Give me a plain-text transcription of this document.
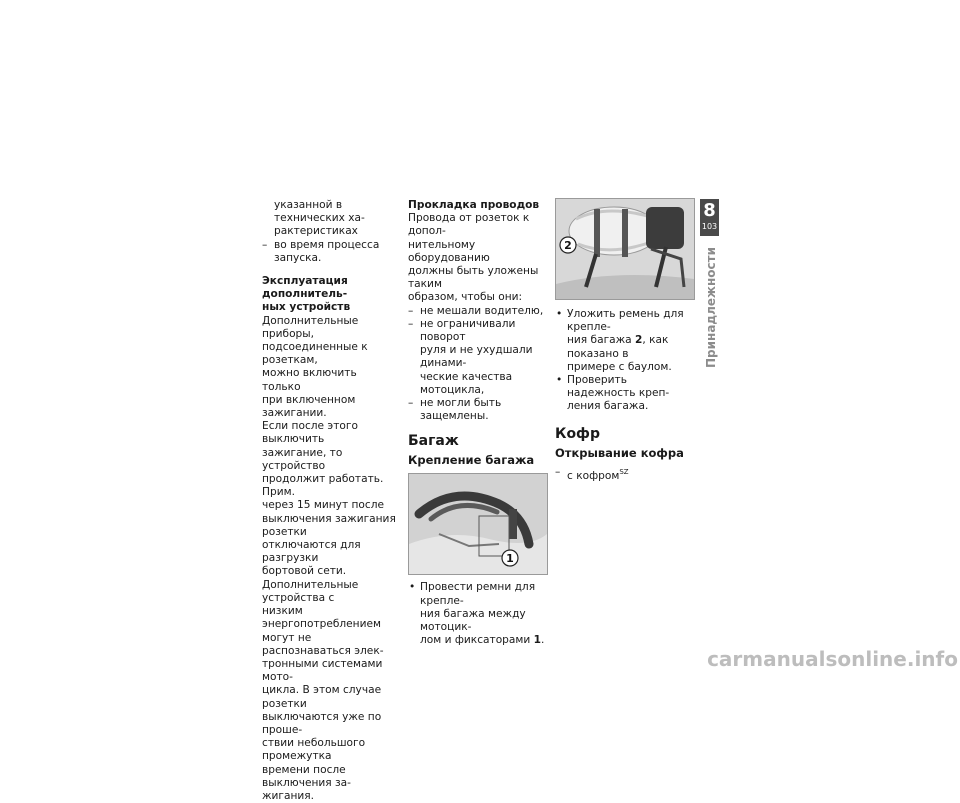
указанной в технических ха-

рактеристиках

– во время процесса запуска.

Эксплуатация дополнитель-

ных устройств

Дополнительные приборы,

подсоединенные к розеткам,

можно включить только

при включенном зажигании.

Если после этого выключить

зажигание, то устройство

продолжит работать. Прим.

через 15 минут после

выключения зажигания розетки

отключаются для разгрузки

бортовой сети.

Дополнительные устройства с

низким энергопотреблением

могут не распознаваться элек-

тронными системами мото-

цикла. В этом случае розетки

выключаются уже по проше-

ствии небольшого промежутка

времени после выключения за-

жигания.

Прокладка проводов

Провода от розеток к допол-

нительному оборудованию

должны быть уложены таким

образом, чтобы они:

– не мешали водителю,

– не ограничивали поворот

руля и не ухудшали динами-

ческие качества мотоцикла,

– не могли быть защемлены.

Багаж

Крепление багажа

1

• Провести ремни для крепле-

ния багажа между мотоцик-

лом и фиксаторами 1.

2

• Уложить ремень для крепле-

ния багажа 2, как показано в

примере с баулом.

• Проверить надежность креп-

ления багажа.

Кофр

Открывание кофра

– с кофром$^{SZ}$

8
103
Принадлежности
carmanualsonline.info
